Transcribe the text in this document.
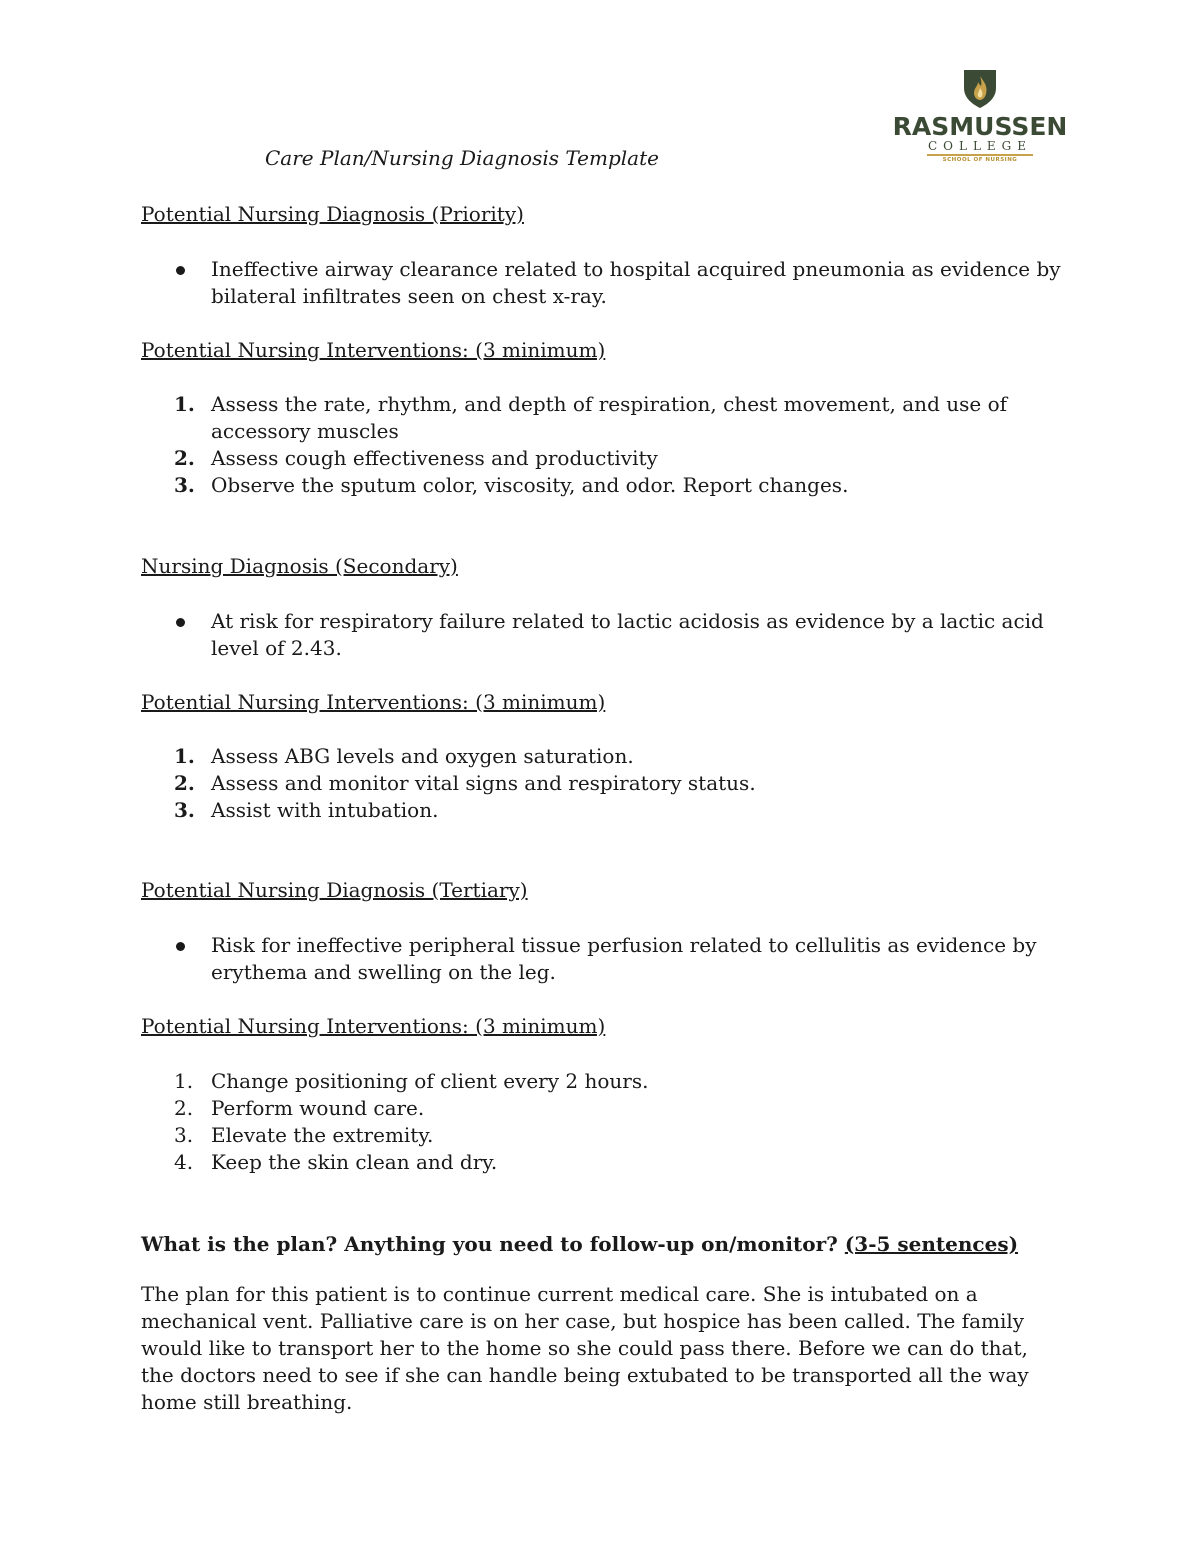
RASMUSSEN
COLLEGE
SCHOOL OF NURSING
Care Plan/Nursing Diagnosis Template
Potential Nursing Diagnosis (Priority)
Ineffective airway clearance related to hospital acquired pneumonia as evidence by bilateral infiltrates seen on chest x-ray.
Potential Nursing Interventions: (3 minimum)
1. Assess the rate, rhythm, and depth of respiration, chest movement, and use of accessory muscles
2. Assess cough effectiveness and productivity
3. Observe the sputum color, viscosity, and odor. Report changes.
Nursing Diagnosis (Secondary)
At risk for respiratory failure related to lactic acidosis as evidence by a lactic acid level of 2.43.
Potential Nursing Interventions: (3 minimum)
1. Assess ABG levels and oxygen saturation.
2. Assess and monitor vital signs and respiratory status.
3. Assist with intubation.
Potential Nursing Diagnosis (Tertiary)
Risk for ineffective peripheral tissue perfusion related to cellulitis as evidence by erythema and swelling on the leg.
Potential Nursing Interventions: (3 minimum)
1. Change positioning of client every 2 hours.
2. Perform wound care.
3. Elevate the extremity.
4. Keep the skin clean and dry.
What is the plan? Anything you need to follow-up on/monitor? (3-5 sentences)
The plan for this patient is to continue current medical care. She is intubated on a mechanical vent. Palliative care is on her case, but hospice has been called. The family would like to transport her to the home so she could pass there. Before we can do that, the doctors need to see if she can handle being extubated to be transported all the way home still breathing.
